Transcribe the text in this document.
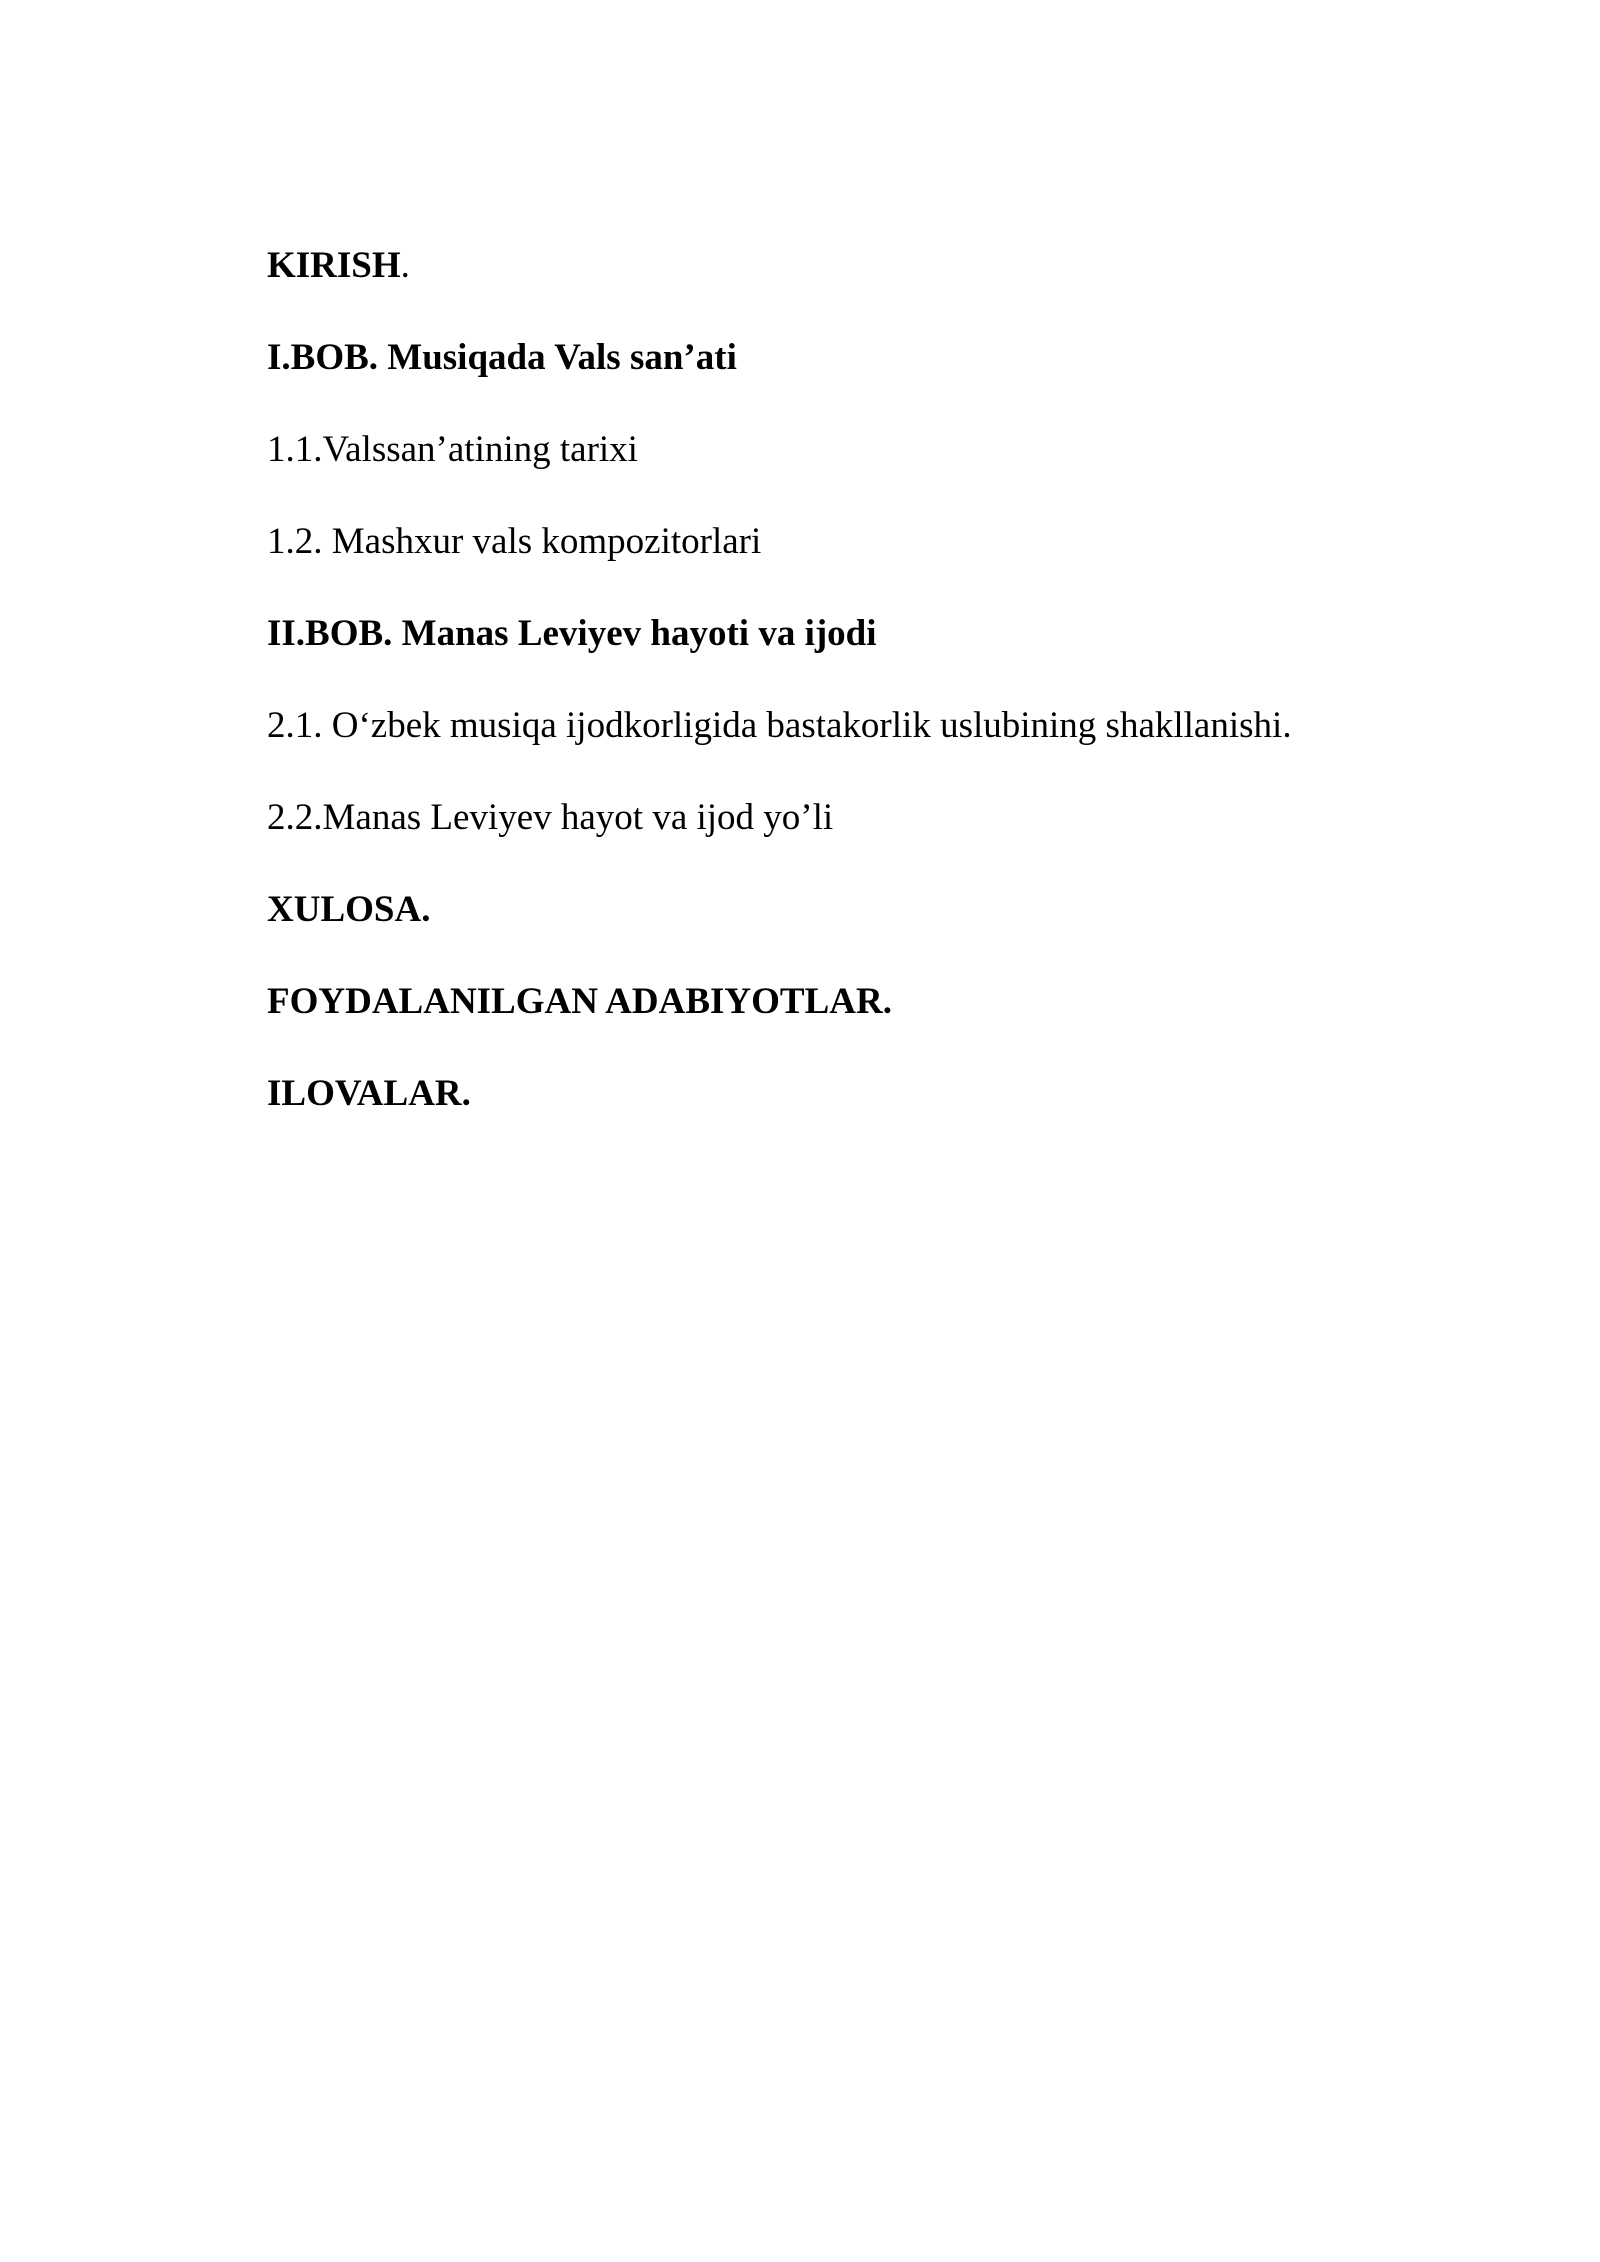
KIRISH.
I.BOB. Musiqada Vals san’ati
1.1.Valssan’atining tarixi
1.2. Mashxur vals kompozitorlari
II.BOB. Manas Leviyev hayoti va ijodi
2.1. O‘zbek musiqa ijodkorligida bastakorlik uslubining shakllanishi.
2.2.Manas Leviyev hayot va ijod yo’li
XULOSA.
FOYDALANILGAN ADABIYOTLAR.
ILOVALAR.
